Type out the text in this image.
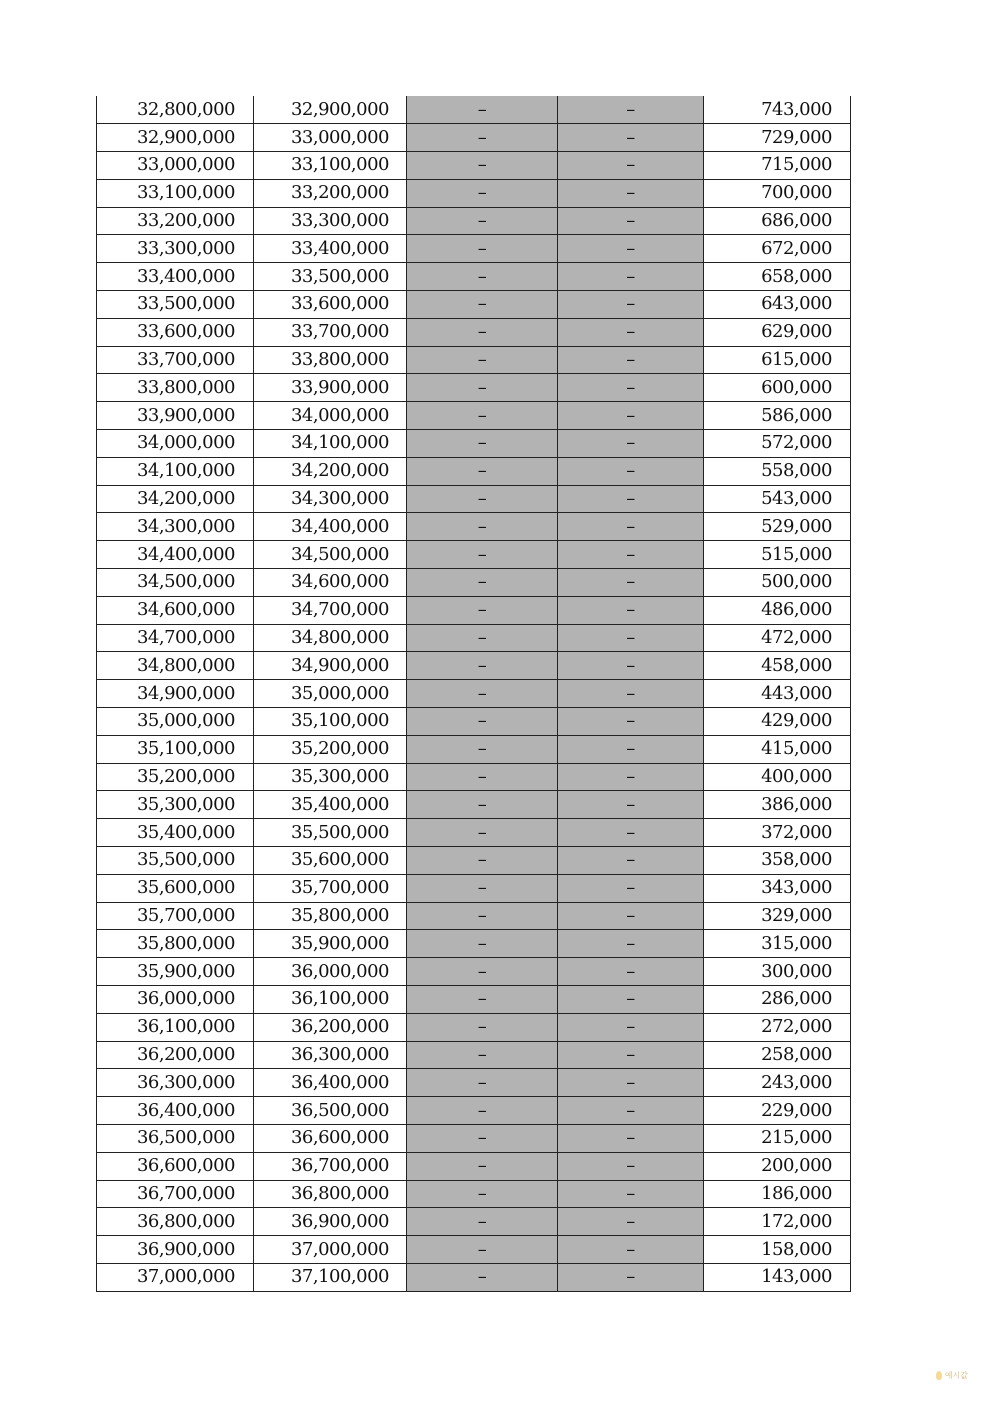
32,800,000	32,900,000	–	–	743,000
32,900,000	33,000,000	–	–	729,000
33,000,000	33,100,000	–	–	715,000
33,100,000	33,200,000	–	–	700,000
33,200,000	33,300,000	–	–	686,000
33,300,000	33,400,000	–	–	672,000
33,400,000	33,500,000	–	–	658,000
33,500,000	33,600,000	–	–	643,000
33,600,000	33,700,000	–	–	629,000
33,700,000	33,800,000	–	–	615,000
33,800,000	33,900,000	–	–	600,000
33,900,000	34,000,000	–	–	586,000
34,000,000	34,100,000	–	–	572,000
34,100,000	34,200,000	–	–	558,000
34,200,000	34,300,000	–	–	543,000
34,300,000	34,400,000	–	–	529,000
34,400,000	34,500,000	–	–	515,000
34,500,000	34,600,000	–	–	500,000
34,600,000	34,700,000	–	–	486,000
34,700,000	34,800,000	–	–	472,000
34,800,000	34,900,000	–	–	458,000
34,900,000	35,000,000	–	–	443,000
35,000,000	35,100,000	–	–	429,000
35,100,000	35,200,000	–	–	415,000
35,200,000	35,300,000	–	–	400,000
35,300,000	35,400,000	–	–	386,000
35,400,000	35,500,000	–	–	372,000
35,500,000	35,600,000	–	–	358,000
35,600,000	35,700,000	–	–	343,000
35,700,000	35,800,000	–	–	329,000
35,800,000	35,900,000	–	–	315,000
35,900,000	36,000,000	–	–	300,000
36,000,000	36,100,000	–	–	286,000
36,100,000	36,200,000	–	–	272,000
36,200,000	36,300,000	–	–	258,000
36,300,000	36,400,000	–	–	243,000
36,400,000	36,500,000	–	–	229,000
36,500,000	36,600,000	–	–	215,000
36,600,000	36,700,000	–	–	200,000
36,700,000	36,800,000	–	–	186,000
36,800,000	36,900,000	–	–	172,000
36,900,000	37,000,000	–	–	158,000
37,000,000	37,100,000	–	–	143,000
예시값
